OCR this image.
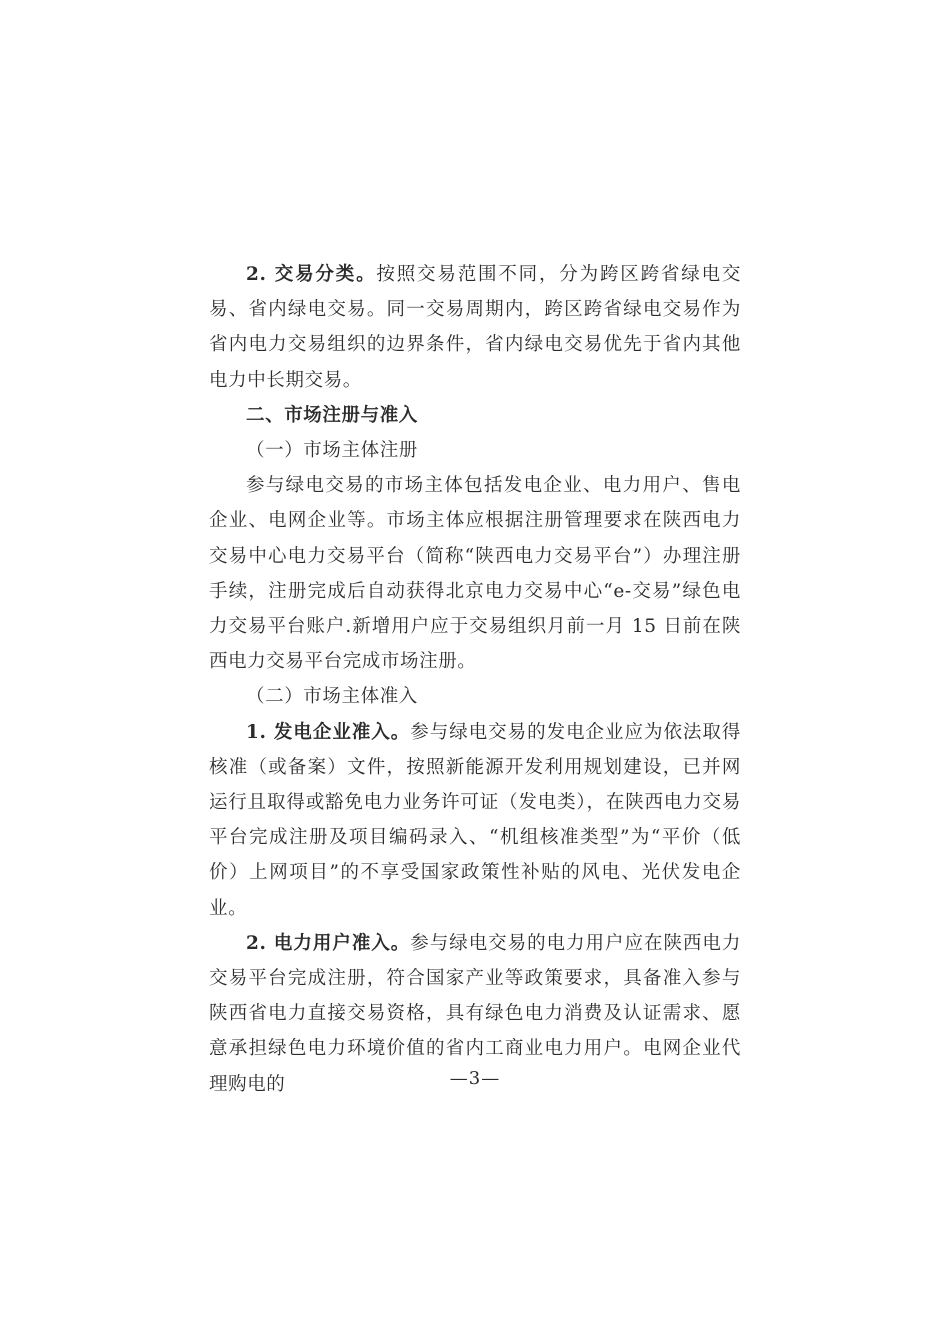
2. 交易分类。按照交易范围不同，分为跨区跨省绿电交易、省内绿电交易。同一交易周期内，跨区跨省绿电交易作为省内电力交易组织的边界条件，省内绿电交易优先于省内其他电力中长期交易。

二、市场注册与准入

（一）市场主体注册

参与绿电交易的市场主体包括发电企业、电力用户、售电企业、电网企业等。市场主体应根据注册管理要求在陕西电力交易中心电力交易平台（简称“陕西电力交易平台”）办理注册手续，注册完成后自动获得北京电力交易中心“e-交易”绿色电力交易平台账户.新增用户应于交易组织月前一月 15 日前在陕西电力交易平台完成市场注册。

（二）市场主体准入

1. 发电企业准入。参与绿电交易的发电企业应为依法取得核准（或备案）文件，按照新能源开发利用规划建设，已并网运行且取得或豁免电力业务许可证（发电类），在陕西电力交易平台完成注册及项目编码录入、“机组核准类型”为“平价（低价）上网项目”的不享受国家政策性补贴的风电、光伏发电企业。

2. 电力用户准入。参与绿电交易的电力用户应在陕西电力交易平台完成注册，符合国家产业等政策要求，具备准入参与陕西省电力直接交易资格，具有绿色电力消费及认证需求、愿意承担绿色电力环境价值的省内工商业电力用户。电网企业代理购电的	—3—
